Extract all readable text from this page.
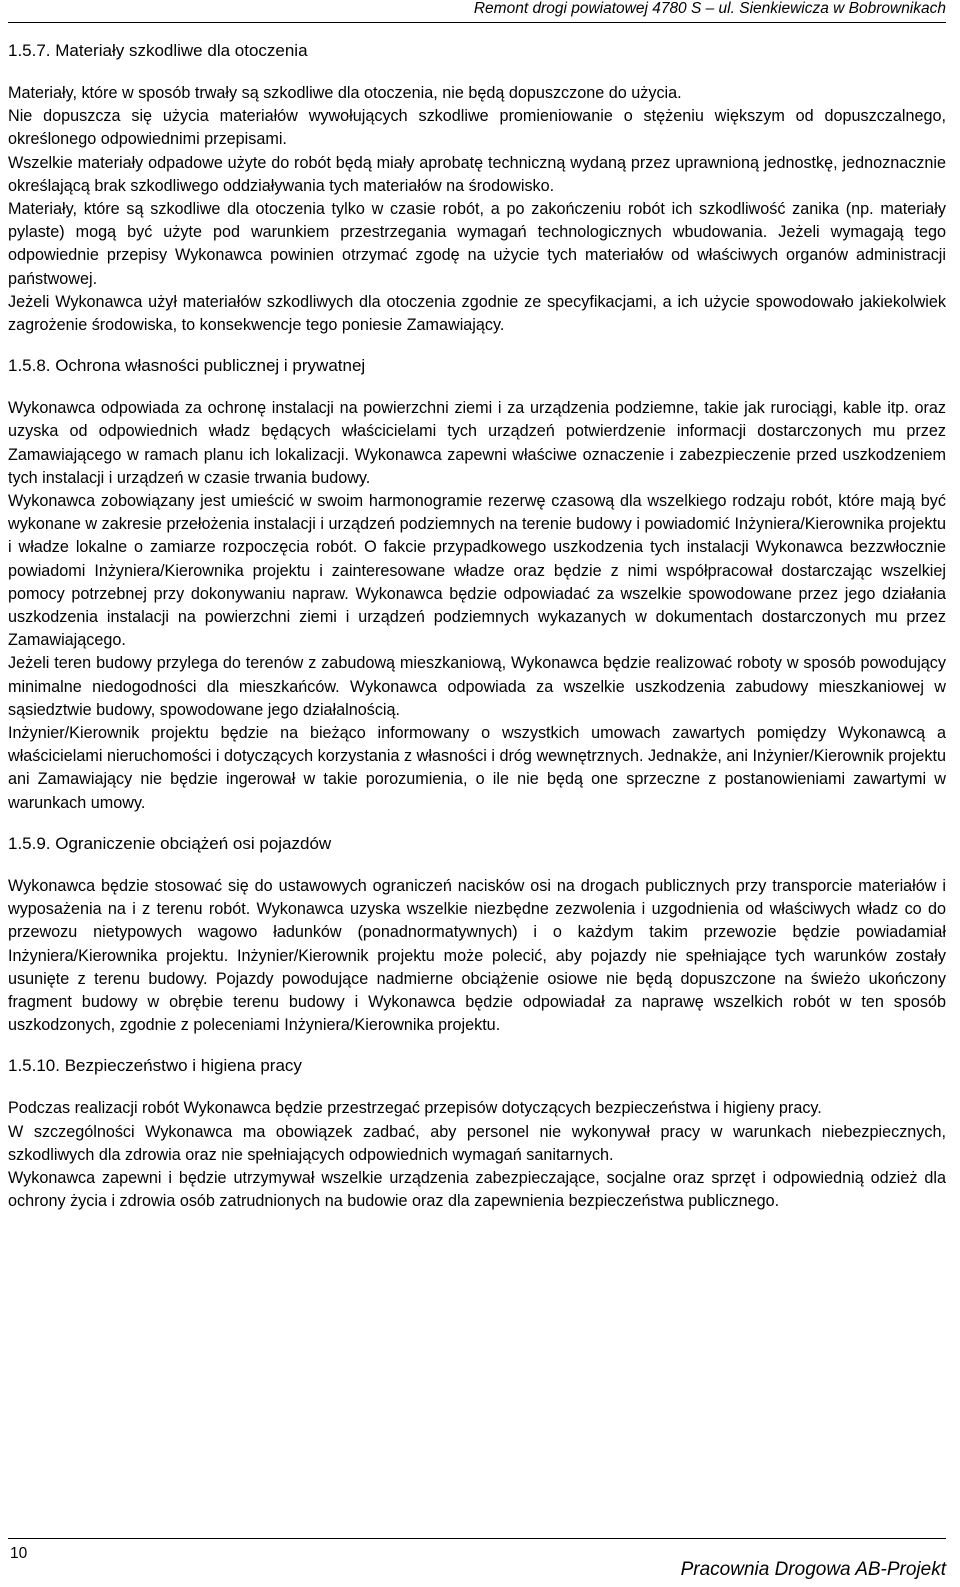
Remont drogi powiatowej 4780 S – ul. Sienkiewicza w Bobrownikach
1.5.7. Materiały szkodliwe dla otoczenia

Materiały, które w sposób trwały są szkodliwe dla otoczenia, nie będą dopuszczone do użycia.

Nie dopuszcza się użycia materiałów wywołujących szkodliwe promieniowanie o stężeniu większym od dopuszczalnego, określonego odpowiednimi przepisami.

Wszelkie materiały odpadowe użyte do robót będą miały aprobatę techniczną wydaną przez uprawnioną jednostkę, jednoznacznie określającą brak szkodliwego oddziaływania tych materiałów na środowisko.

Materiały, które są szkodliwe dla otoczenia tylko w czasie robót, a po zakończeniu robót ich szkodliwość zanika (np. materiały pylaste) mogą być użyte pod warunkiem przestrzegania wymagań technologicznych wbudowania. Jeżeli wymagają tego odpowiednie przepisy Wykonawca powinien otrzymać zgodę na użycie tych materiałów od właściwych organów administracji państwowej.

Jeżeli Wykonawca użył materiałów szkodliwych dla otoczenia zgodnie ze specyfikacjami, a ich użycie spowodowało jakiekolwiek zagrożenie środowiska, to konsekwencje tego poniesie Zamawiający.

1.5.8. Ochrona własności publicznej i prywatnej

Wykonawca odpowiada za ochronę instalacji na powierzchni ziemi i za urządzenia podziemne, takie jak rurociągi, kable itp. oraz uzyska od odpowiednich władz będących właścicielami tych urządzeń potwierdzenie informacji dostarczonych mu przez Zamawiającego w ramach planu ich lokalizacji. Wykonawca zapewni właściwe oznaczenie i zabezpieczenie przed uszkodzeniem tych instalacji i urządzeń w czasie trwania budowy.

Wykonawca zobowiązany jest umieścić w swoim harmonogramie rezerwę czasową dla wszelkiego rodzaju robót, które mają być wykonane w zakresie przełożenia instalacji i urządzeń podziemnych na terenie budowy i powiadomić Inżyniera/Kierownika projektu i władze lokalne o zamiarze rozpoczęcia robót. O fakcie przypadkowego uszkodzenia tych instalacji Wykonawca bezzwłocznie powiadomi Inżyniera/Kierownika projektu i zainteresowane władze oraz będzie z nimi współpracował dostarczając wszelkiej pomocy potrzebnej przy dokonywaniu napraw. Wykonawca będzie odpowiadać za wszelkie spowodowane przez jego działania uszkodzenia instalacji na powierzchni ziemi i urządzeń podziemnych wykazanych w dokumentach dostarczonych mu przez Zamawiającego.

Jeżeli teren budowy przylega do terenów z zabudową mieszkaniową, Wykonawca będzie realizować roboty w sposób powodujący minimalne niedogodności dla mieszkańców. Wykonawca odpowiada za wszelkie uszkodzenia zabudowy mieszkaniowej w sąsiedztwie budowy, spowodowane jego działalnością.

Inżynier/Kierownik projektu będzie na bieżąco informowany o wszystkich umowach zawartych pomiędzy Wykonawcą a właścicielami nieruchomości i dotyczących korzystania z własności i dróg wewnętrznych. Jednakże, ani Inżynier/Kierownik projektu ani Zamawiający nie będzie ingerował w takie porozumienia, o ile nie będą one sprzeczne z postanowieniami zawartymi w warunkach umowy.

1.5.9. Ograniczenie obciążeń osi pojazdów

Wykonawca będzie stosować się do ustawowych ograniczeń nacisków osi na drogach publicznych przy transporcie materiałów i wyposażenia na i z terenu robót. Wykonawca uzyska wszelkie niezbędne zezwolenia i uzgodnienia od właściwych władz co do przewozu nietypowych wagowo ładunków (ponadnormatywnych) i o każdym takim przewozie będzie powiadamiał Inżyniera/Kierownika projektu. Inżynier/Kierownik projektu może polecić, aby pojazdy nie spełniające tych warunków zostały usunięte z terenu budowy. Pojazdy powodujące nadmierne obciążenie osiowe nie będą dopuszczone na świeżo ukończony fragment budowy w obrębie terenu budowy i Wykonawca będzie odpowiadał za naprawę wszelkich robót w ten sposób uszkodzonych, zgodnie z poleceniami Inżyniera/Kierownika projektu.

1.5.10. Bezpieczeństwo i higiena pracy

Podczas realizacji robót Wykonawca będzie przestrzegać przepisów dotyczących bezpieczeństwa i higieny pracy.

W szczególności Wykonawca ma obowiązek zadbać, aby personel nie wykonywał pracy w warunkach niebezpiecznych, szkodliwych dla zdrowia oraz nie spełniających odpowiednich wymagań sanitarnych.

Wykonawca zapewni i będzie utrzymywał wszelkie urządzenia zabezpieczające, socjalne oraz sprzęt i odpowiednią odzież dla ochrony życia i zdrowia osób zatrudnionych na budowie oraz dla zapewnienia bezpieczeństwa publicznego.

10
Pracownia Drogowa AB-Projekt
